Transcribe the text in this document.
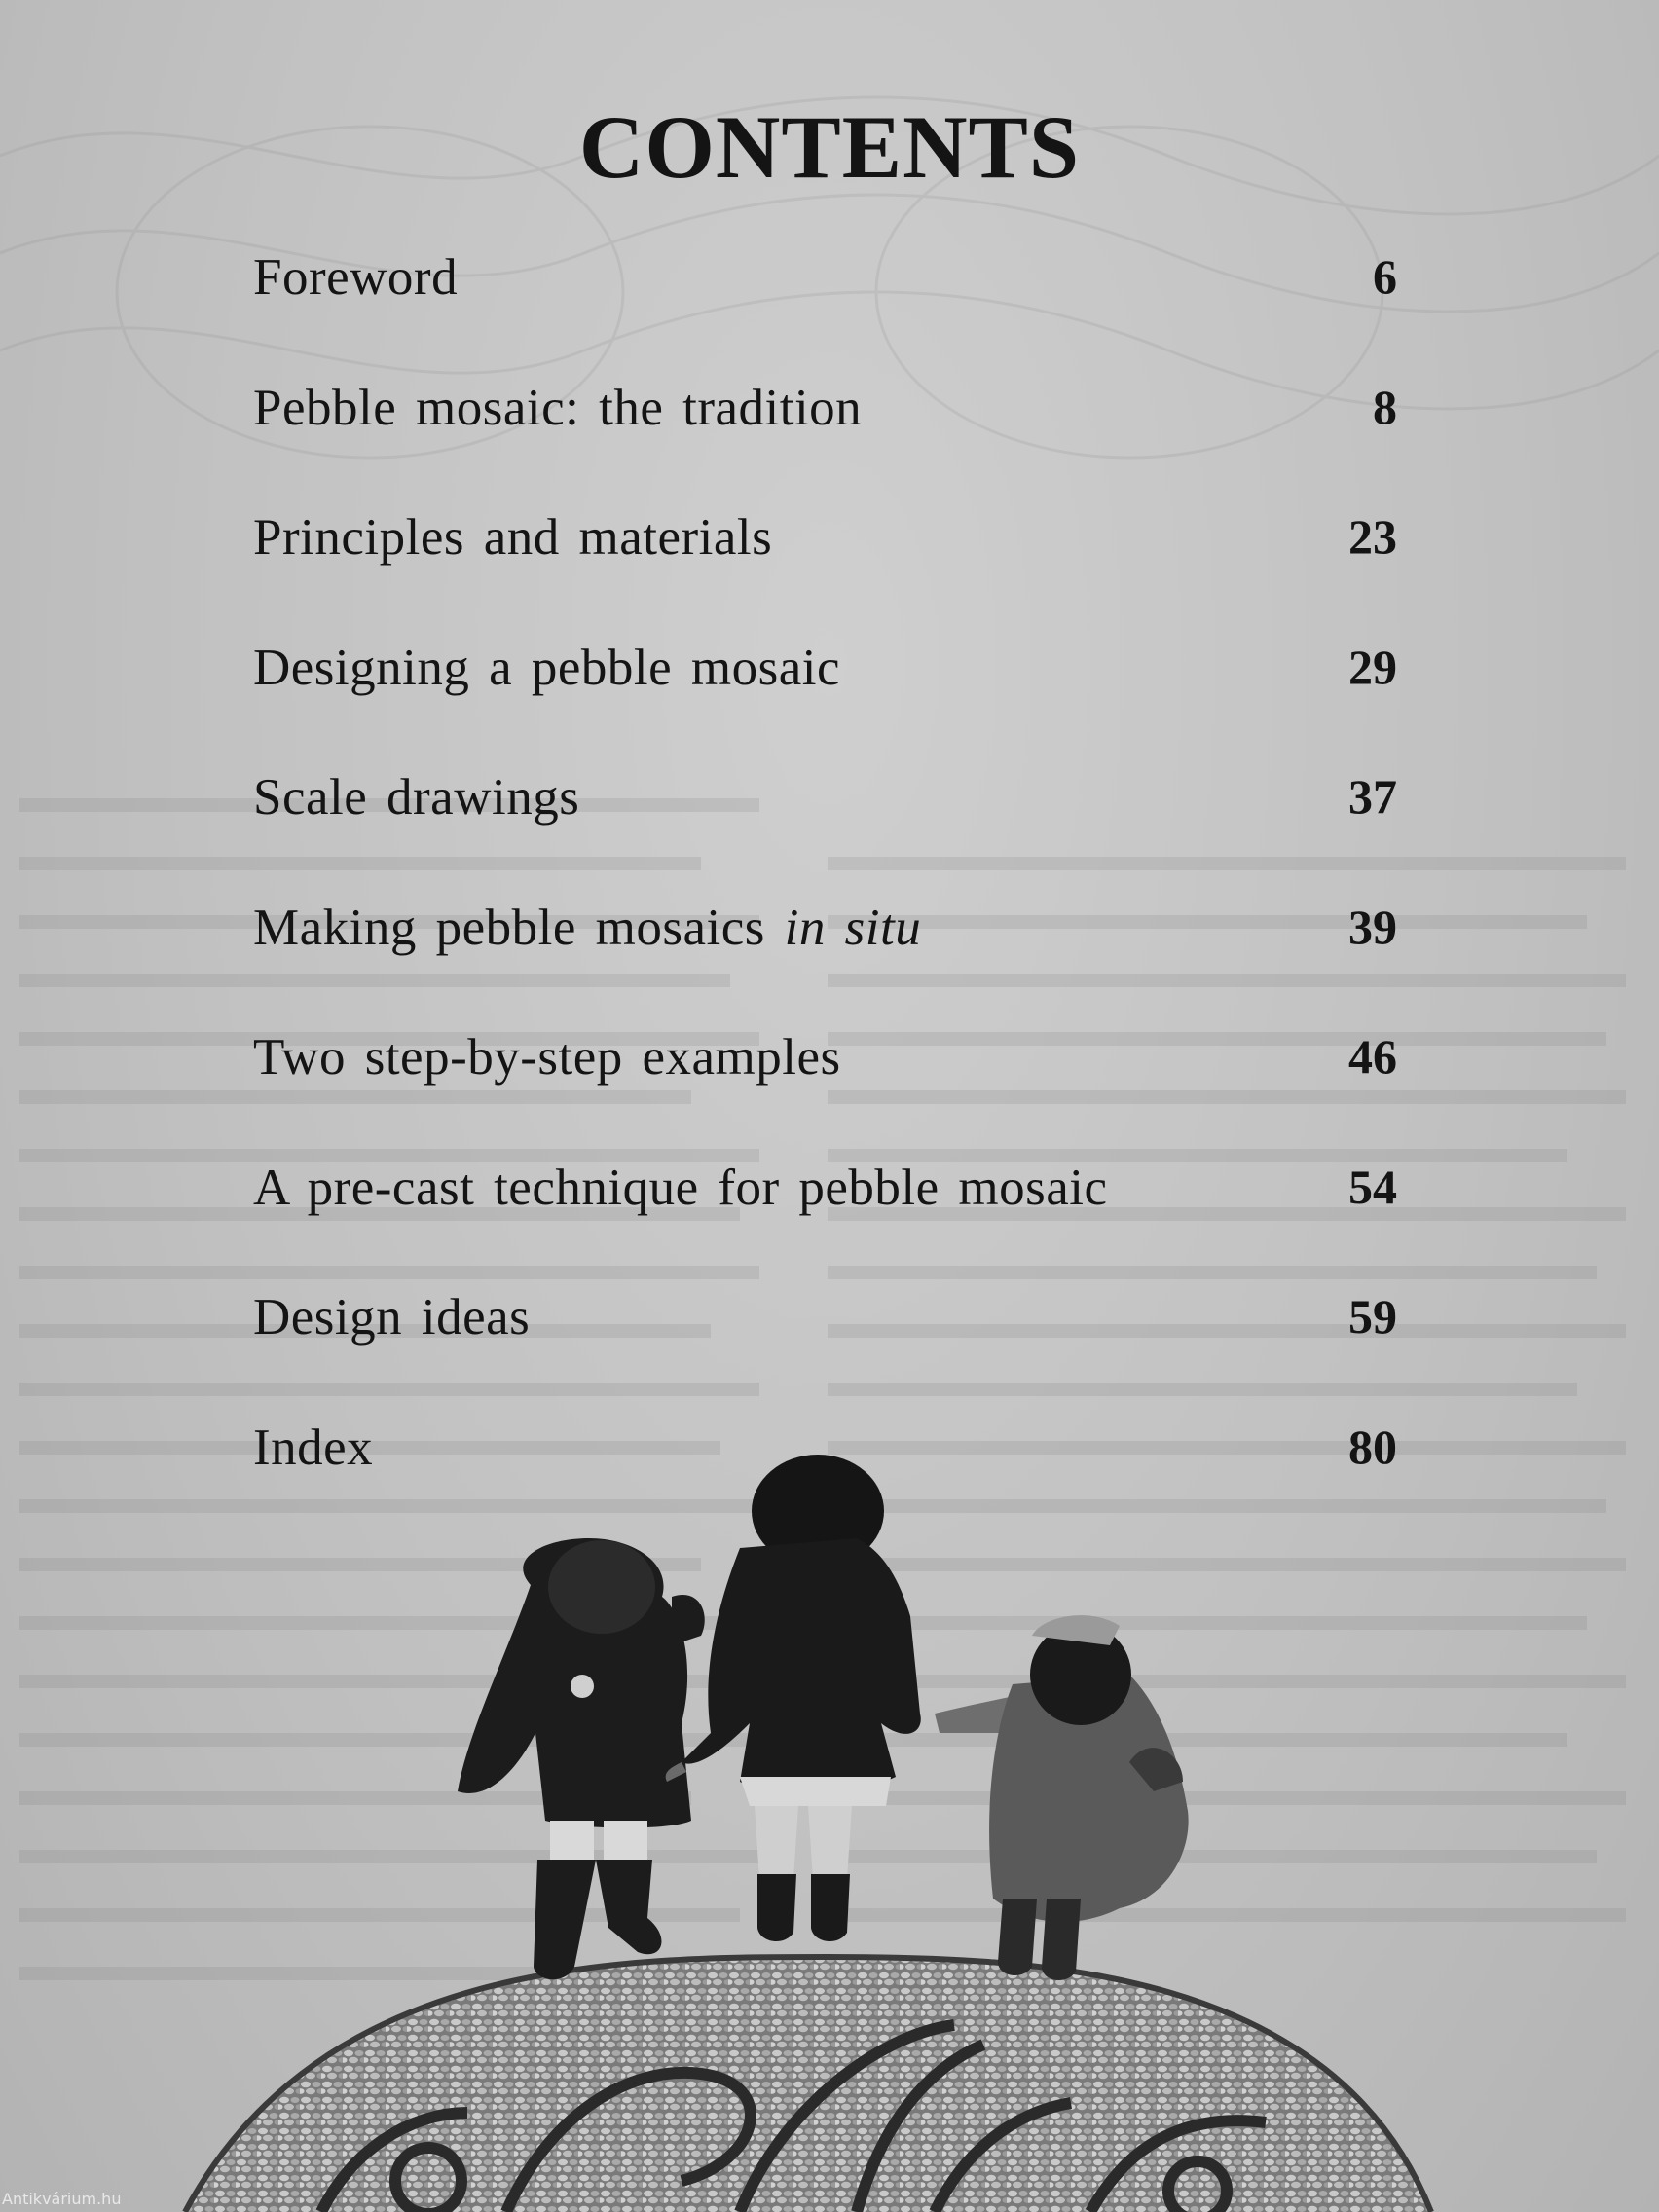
CONTENTS
Foreword	6
Pebble mosaic: the tradition	8
Principles and materials	23
Designing a pebble mosaic	29
Scale drawings	37
Making pebble mosaics in situ	39
Two step-by-step examples	46
A pre-cast technique for pebble mosaic	54
Design ideas	59
Index	80
Antikvárium.hu
